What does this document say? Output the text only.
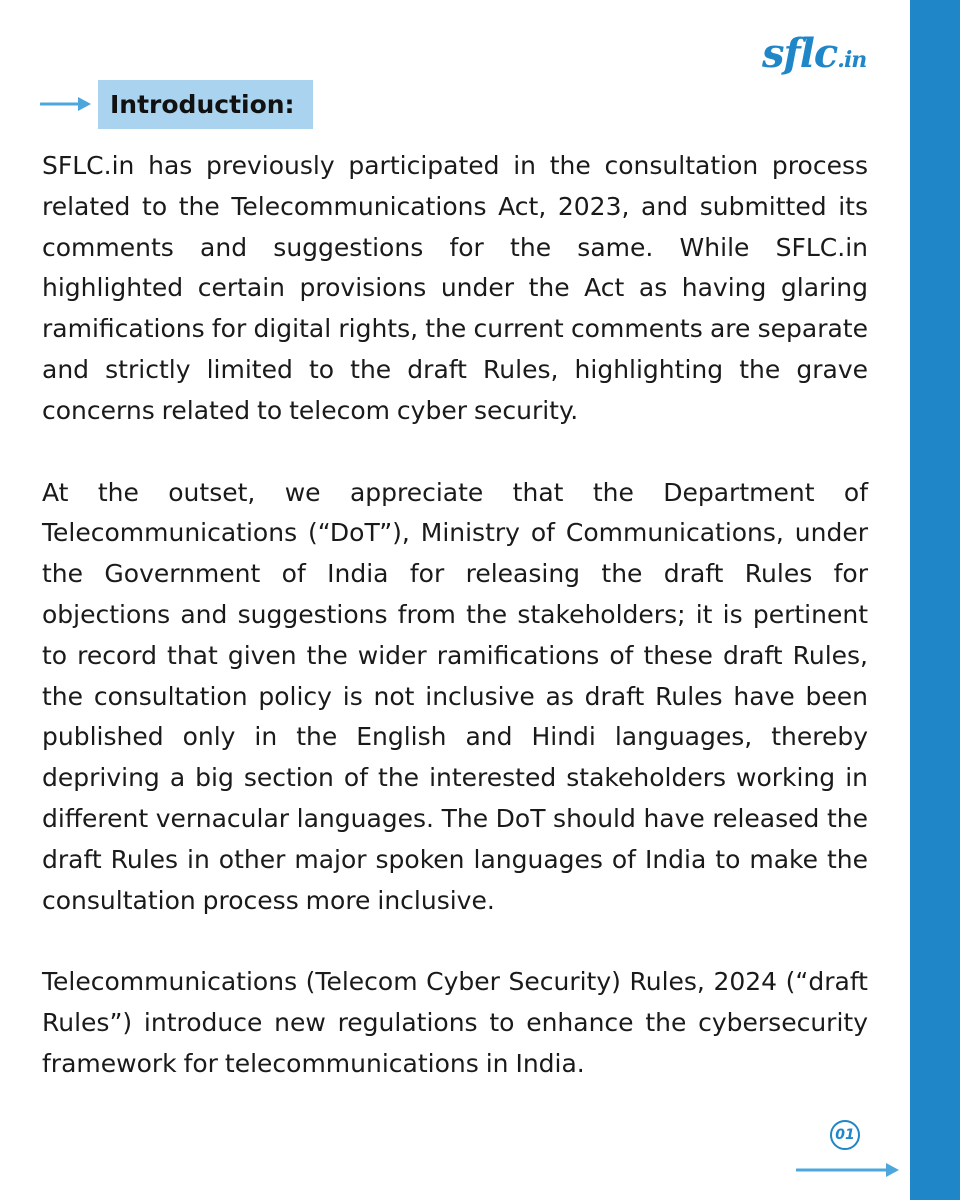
sflc.in
Introduction:

SFLC.in has previously participated in the consultation process related to the Telecommunications Act, 2023, and submitted its comments and suggestions for the same. While SFLC.in highlighted certain provisions under the Act as having glaring ramifications for digital rights, the current comments are separate and strictly limited to the draft Rules, highlighting the grave concerns related to telecom cyber security.

At the outset, we appreciate that the Department of Telecommunications (“DoT”), Ministry of Communications, under the Government of India for releasing the draft Rules for objections and suggestions from the stakeholders; it is pertinent to record that given the wider ramifications of these draft Rules, the consultation policy is not inclusive as draft Rules have been published only in the English and Hindi languages, thereby depriving a big section of the interested stakeholders working in different vernacular languages. The DoT should have released the draft Rules in other major spoken languages of India to make the consultation process more inclusive.

Telecommunications (Telecom Cyber Security) Rules, 2024 (“draft Rules”) introduce new regulations to enhance the cybersecurity framework for telecommunications in India.

01
